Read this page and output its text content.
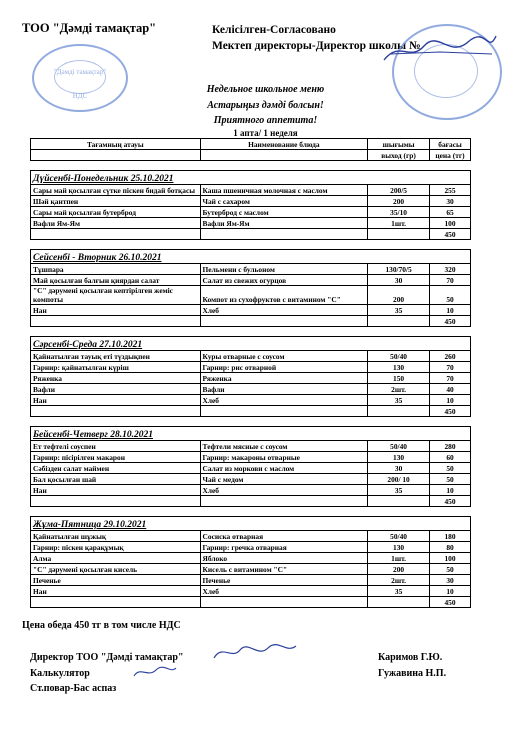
ТОО "Дәмді тамақтар"	Келісілген-Согласовано
Мектеп директоры-Директор школы №
"Дәмді тамақтар"
НДС
Недельное школьное меню
Астарыңыз дәмді болсын!
Приятного аппетита!
1 апта/ 1 неделя
Тағамның атауы	Наименование блюда	шығымы	бағасы
		выход (гр)	цена (тг)

Дүйсенбі-Понедельник 25.10.2021			
Сары май қосылған сүтке піскен бидай ботқасы	Каша пшеничная молочная с маслом	200/5	255
Шәй қантпен	Чай с сахаром	200	30
Сары май қосылған бутерброд	Бутерброд с маслом	35/10	65
Вафли Ям-Ям	Вафли Ям-Ям	1шт.	100
			450

Сейсенбі - Вторник 26.10.2021			
Тұшпара	Пельмени с бульоном	130/70/5	320
Май қосылған балғын қиярдан салат	Салат из свежих огурцов	30	70
"С" дәрумені қосылған кептірілген жеміс компоты	Компот из сухофруктов с витамином "С"	200	50
Нан	Хлеб	35	10
			450

Сәрсенбі-Среда 27.10.2021			
Қайнатылған тауық еті түздықпен	Куры отварные с соусом	50/40	260
Гарнир: қайнатылған күріш	Гарнир: рис отварной	130	70
Ряженка	Ряженка	150	70
Вафли	Вафли	2шт.	40
Нан	Хлеб	35	10
			450

Бейсенбі-Четверг 28.10.2021			
Ет тефтелі соуспен	Тефтели мясные с соусом	50/40	280
Гарнир: пісірілген макарон	Гарнир: макароны отварные	130	60
Сәбізден салат маймен	Салат из моркови с маслом	30	50
Бал қосылған шай	Чай с медом	200/ 10	50
Нан	Хлеб	35	10
			450

Жұма-Пятница 29.10.2021			
Қайнатылған шұжық	Сосиска отварная	50/40	180
Гарнир: піскен қарақұмық	Гарнир: гречка отварная	130	80
Алма	Яблоко	1шт.	100
"С" дәрумені қосылған кисель	Кисель с витамином "С"	200	50
Печенье	Печенье	2шт.	30
Нан	Хлеб	35	10
			450
Цена обеда 450 тг в том числе НДС
Директор ТОО "Дәмді тамақтар"
Калькулятор
Ст.повар-Бас аспаз
Каримов Г.Ю.
Гужавина Н.П.
